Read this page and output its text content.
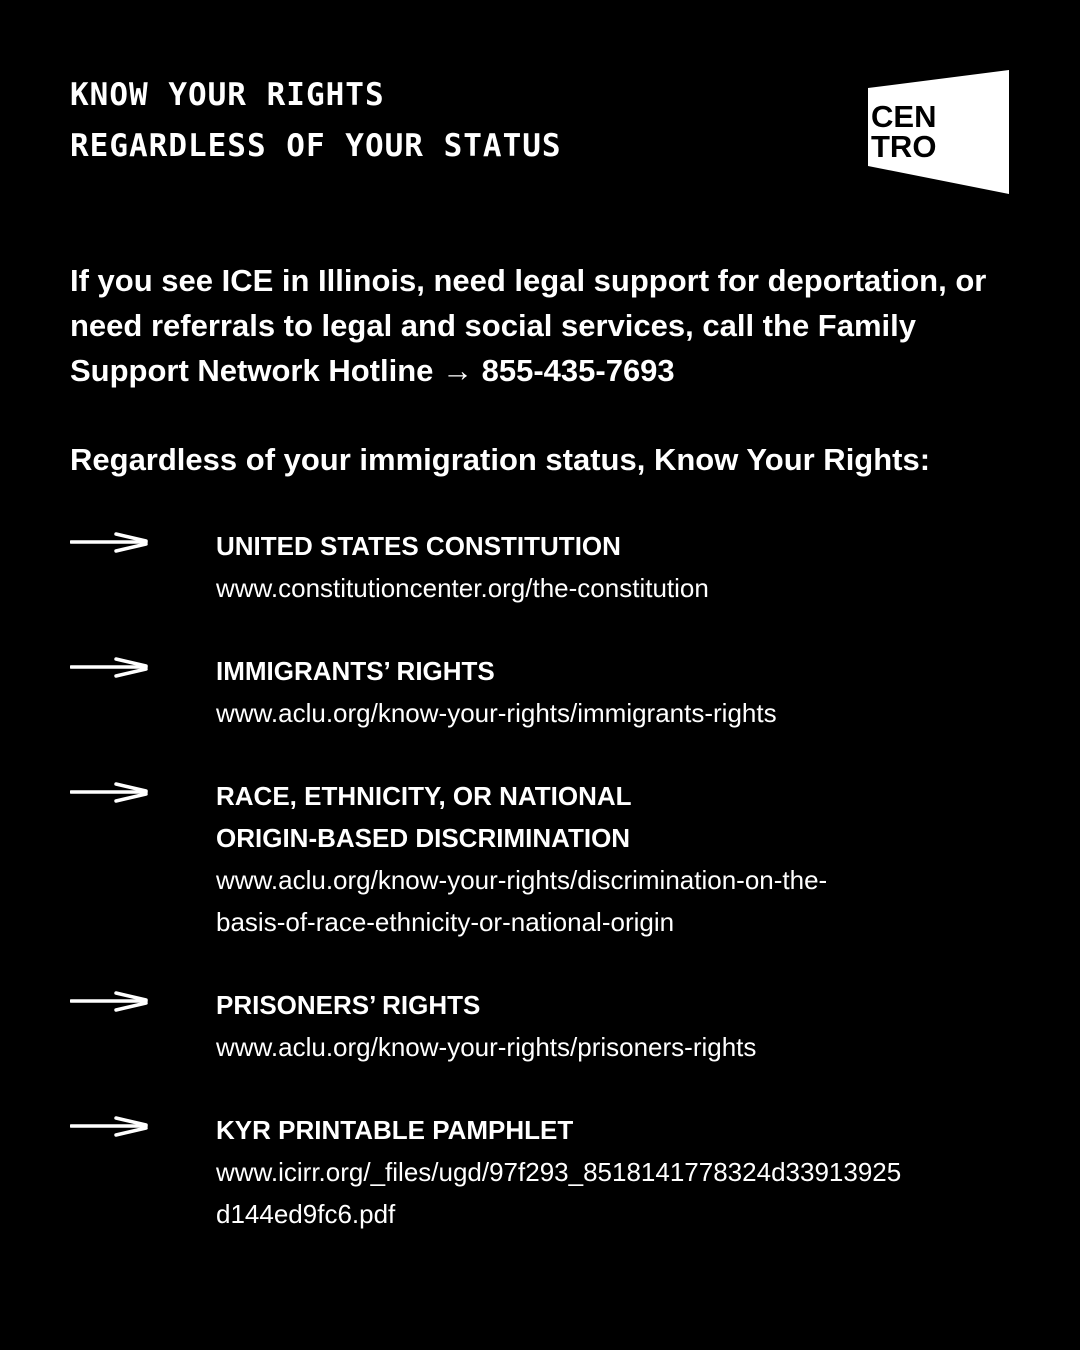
KNOW YOUR RIGHTS
REGARDLESS OF YOUR STATUS
CEN
TRO

If you see ICE in Illinois, need legal support for deportation, or need referrals to legal and social services, call the Family Support Network Hotline → 855-435-7693

Regardless of your immigration status, Know Your Rights:

UNITED STATES CONSTITUTION
www.constitutioncenter.org/the-constitution
IMMIGRANTS’ RIGHTS
www.aclu.org/know-your-rights/immigrants-rights
RACE, ETHNICITY, OR NATIONAL
ORIGIN-BASED DISCRIMINATION
www.aclu.org/know-your-rights/discrimination-on-the-
basis-of-race-ethnicity-or-national-origin
PRISONERS’ RIGHTS
www.aclu.org/know-your-rights/prisoners-rights
KYR PRINTABLE PAMPHLET
www.icirr.org/_files/ugd/97f293_8518141778324d33913925
d144ed9fc6.pdf
